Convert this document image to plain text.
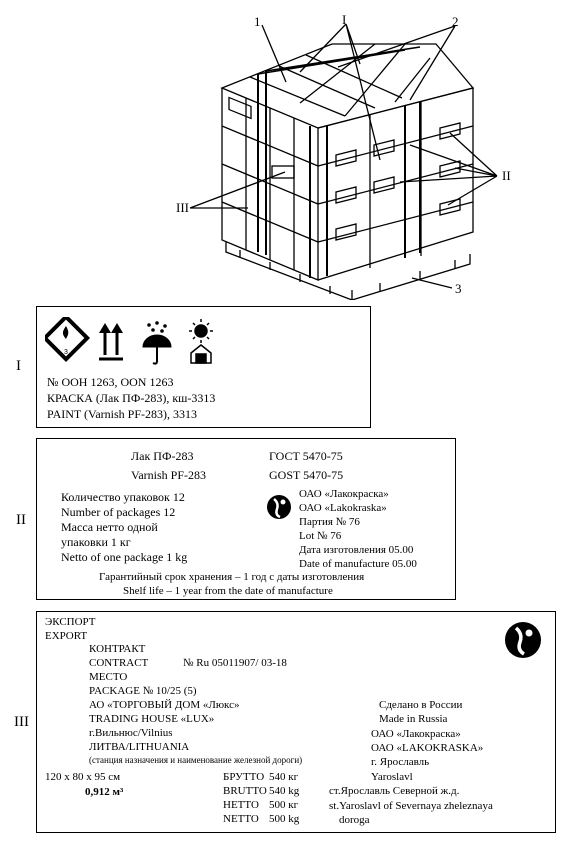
1	I	2
II
III
3
I
3
№ OOH 1263, OON 1263
КРАСКА (Лак ПФ-283), кш-3313
PAINT (Varnish PF-283), 3313
II
Лак ПФ-283
Varnish PF-283
ГОСТ 5470-75
GOST 5470-75
Количество упаковок 12
Number of packages 12
Масса нетто одной
упаковки 1 кг
Netto of one package 1 kg
ОАО «Лакокраска»
ОАО «Lakokraska»
Партия № 76
Lot № 76
Дата изготовления 05.00
Date of manufacture 05.00
Гарантийный срок хранения – 1 год с даты изготовления
Shelf life – 1 year from the date of manufacture
III
ЭКСПОРТ
EXPORT
КОНТРАКТ
CONTRACT	№ Ru 05011907/ 03-18
МЕСТО
PACKAGE № 10/25 (5)
АО «ТОРГОВЫЙ ДОМ «Люкс»
TRADING HOUSE «LUX»
г.Вильнюс/Vilnius
ЛИТВА/LITHUANIA
(станция назначения и наименование железной дороги)
120 х 80 х 95 см
0,912 м³
БРУТТО 540 кг
BRUTTO 540 kg
НЕТТО 500 кг
NETTO 500 kg
Сделано в России
Made in Russia
ОАО «Лакокраска»
ОАО «LAKOKRASKA»
г. Ярославль
Yaroslavl
ст.Ярославль Северной ж.д.
st.Yaroslavl of Severnaya zheleznaya
doroga
